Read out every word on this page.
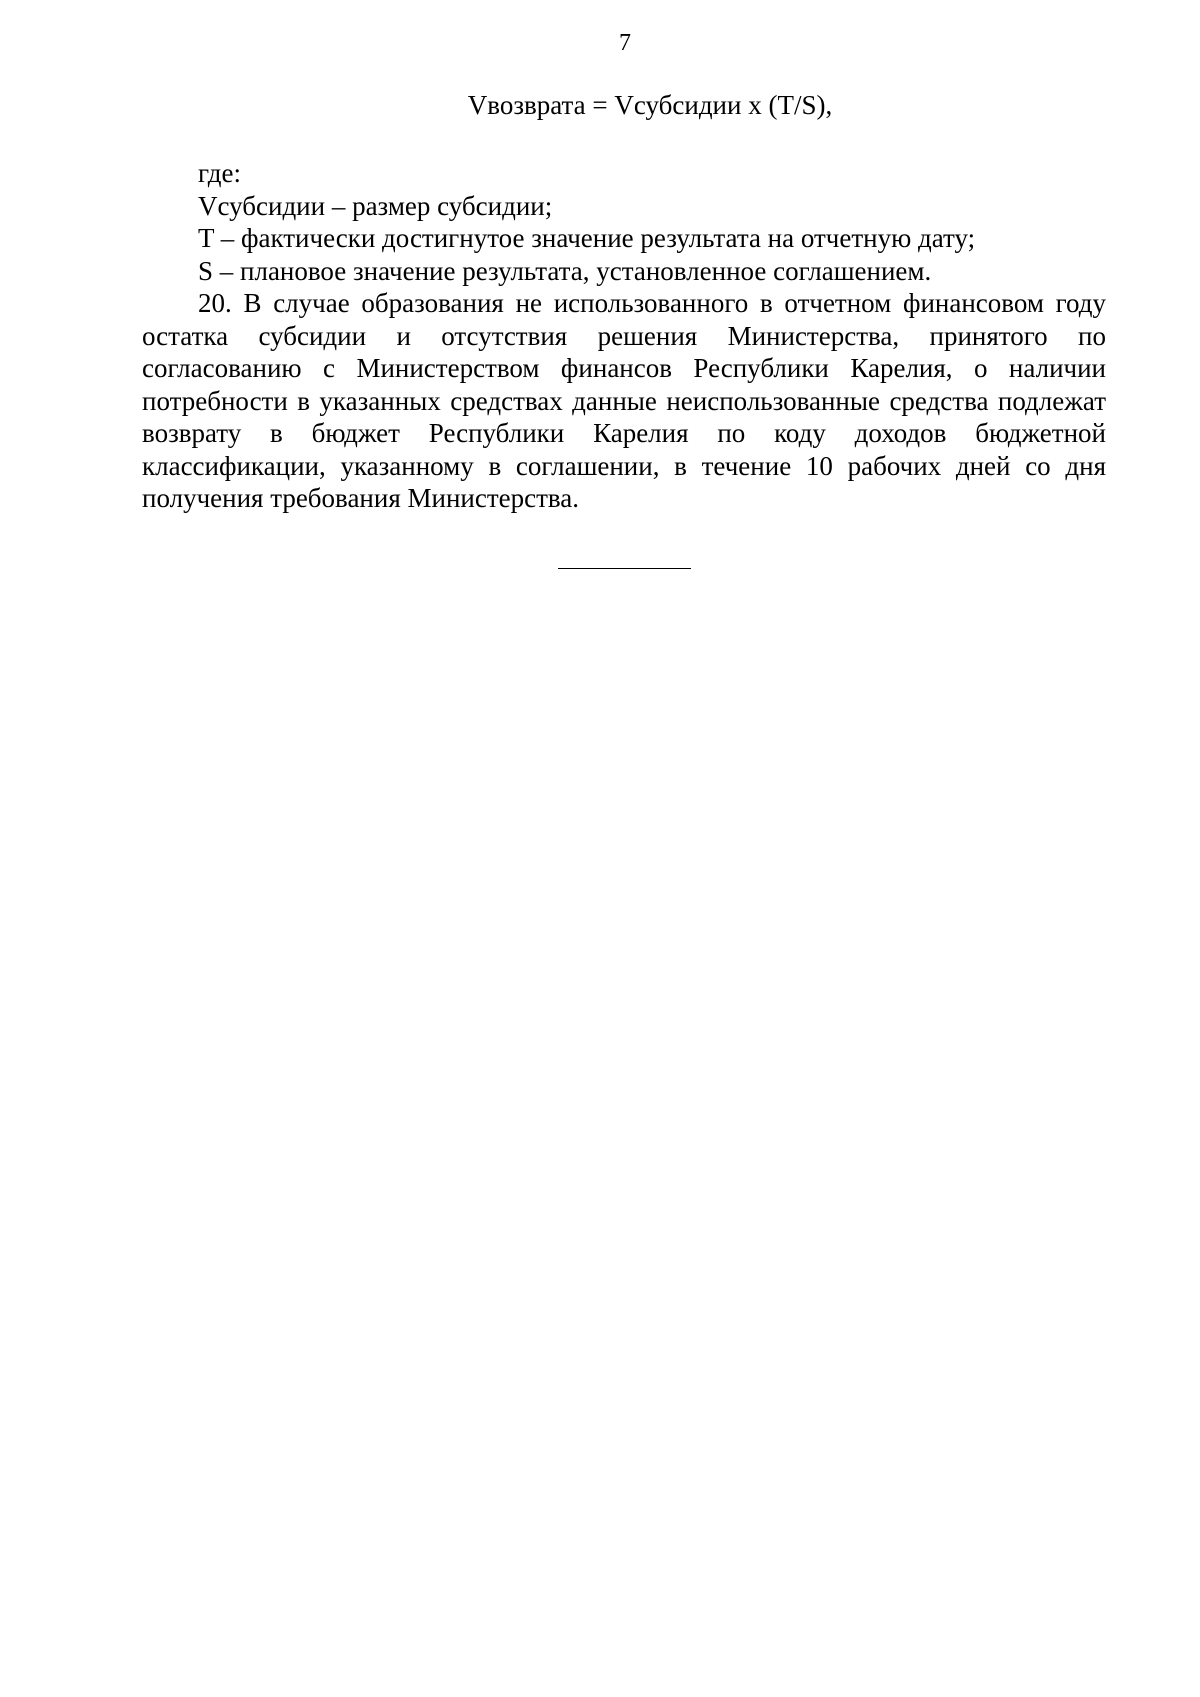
7
Vвозврата = Vсубсидии x (T/S),

где:

Vсубсидии – размер субсидии;

T – фактически достигнутое значение результата на отчетную дату;

S – плановое значение результата, установленное соглашением.

20. В случае образования не использованного в отчетном финансовом году остатка субсидии и отсутствия решения Министерства, принятого по согласованию с Министерством финансов Республики Карелия, о наличии потребности в указанных средствах данные неиспользованные средства подлежат возврату в бюджет Республики Карелия по коду доходов бюджетной классификации, указанному в соглашении, в течение 10 рабочих дней со дня получения требования Министерства.
